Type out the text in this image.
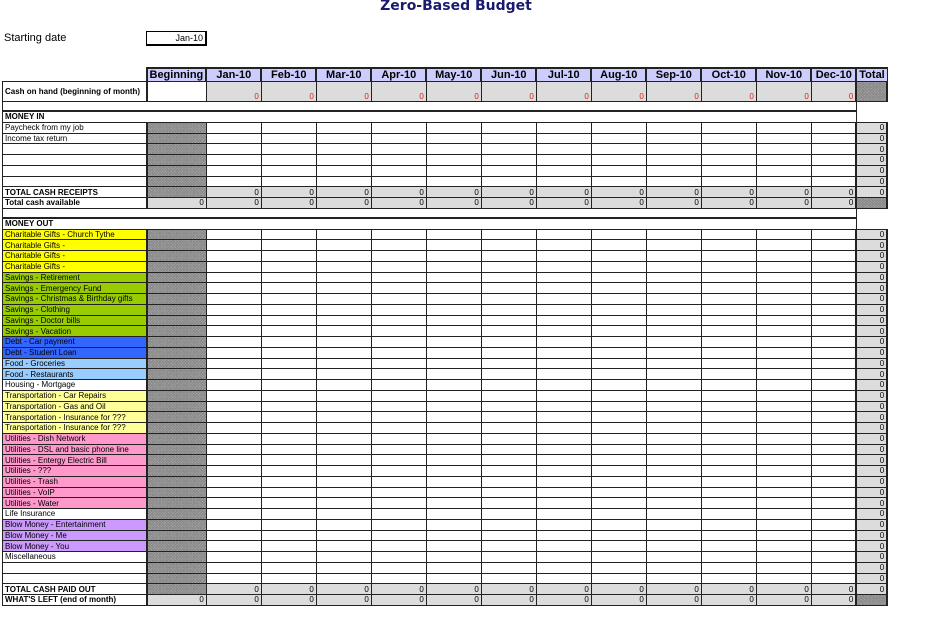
Zero-Based Budget
Starting date	Jan-10
	Beginning	Jan-10	Feb-10	Mar-10	Apr-10	May-10	Jun-10	Jul-10	Aug-10	Sep-10	Oct-10	Nov-10	Dec-10	Total
Cash on hand (beginning of month)		0	0	0	0	0	0	0	0	0	0	0	0	

MONEY IN														
Paycheck from my job														0
Income tax return														0
														0
														0
														0
														0
TOTAL CASH RECEIPTS		0	0	0	0	0	0	0	0	0	0	0	0	0
Total cash available	0	0	0	0	0	0	0	0	0	0	0	0	0	

MONEY OUT														
Charitable Gifts - Church Tythe														0
Charitable Gifts -														0
Charitable Gifts -														0
Charitable Gifts -														0
Savings - Retirement														0
Savings - Emergency Fund														0
Savings - Christmas & Birthday gifts														0
Savings - Clothing														0
Savings - Doctor bills														0
Savings - Vacation														0
Debt - Car payment														0
Debt - Student Loan														0
Food - Groceries														0
Food - Restaurants														0
Housing - Mortgage														0
Transportation - Car Repairs														0
Transportation - Gas and Oil														0
Transportation - Insurance for ???														0
Transportation - Insurance for ???														0
Utilities - Dish Network														0
Utilities - DSL and basic phone line														0
Utilities - Entergy Electric Bill														0
Utilities - ???														0
Utilities - Trash														0
Utilities - VoIP														0
Utilities - Water														0
Life Insurance														0
Blow Money - Entertainment														0
Blow Money - Me														0
Blow Money - You														0
Miscellaneous														0
														0
														0
TOTAL CASH PAID OUT		0	0	0	0	0	0	0	0	0	0	0	0	0
WHAT'S LEFT (end of month)	0	0	0	0	0	0	0	0	0	0	0	0	0	
